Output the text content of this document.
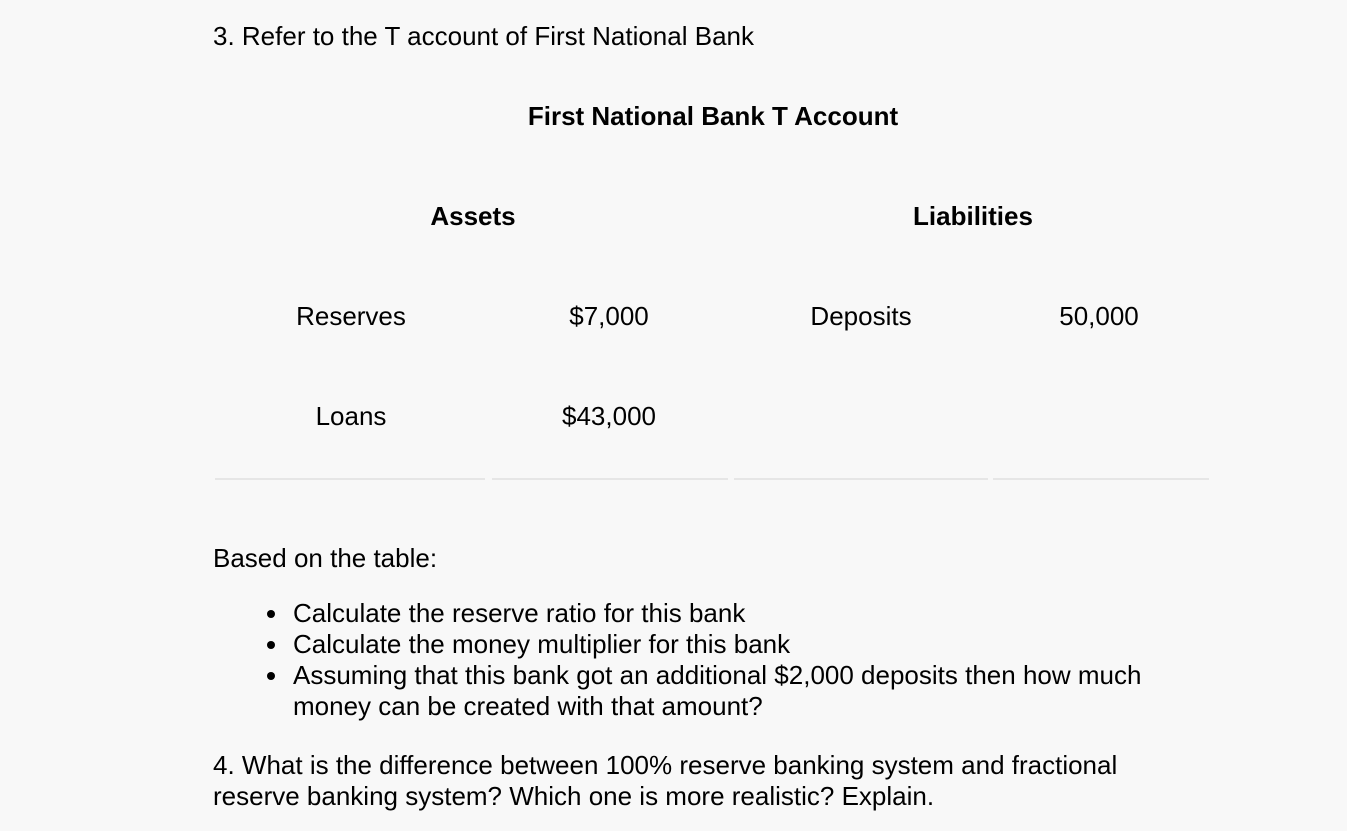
3. Refer to the T account of First National Bank
First National Bank T Account
Assets	Liabilities
Reserves	$7,000	Deposits	50,000
Loans	$43,000
Based on the table:
Calculate the reserve ratio for this bank
Calculate the money multiplier for this bank
Assuming that this bank got an additional $2,000 deposits then how much money can be created with that amount?
4. What is the difference between 100% reserve banking system and fractional reserve banking system? Which one is more realistic? Explain.
